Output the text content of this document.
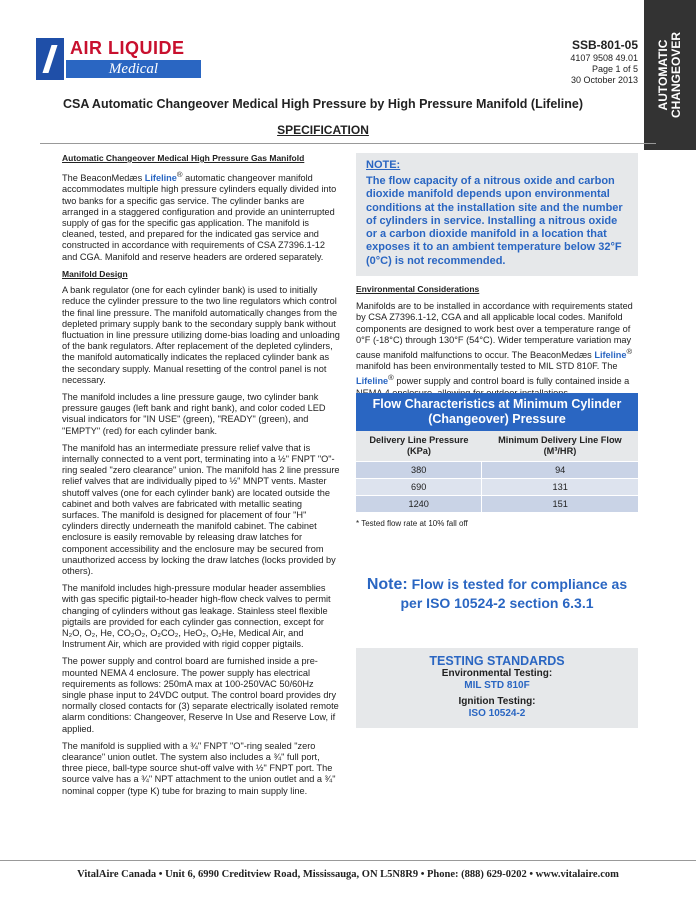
AIR LIQUIDE
Medical
SSB-801-05
4107 9508 49.01
Page 1 of 5
30 October 2013 AUTOMATIC CHANGEOVER
CSA Automatic Changeover Medical High Pressure by High Pressure Manifold (Lifeline)
SPECIFICATION
Automatic Changeover Medical High Pressure Gas Manifold

The BeaconMedæs Lifeline® automatic changeover manifold accommodates multiple high pressure cylinders equally divided into two banks for a specific gas service. The cylinder banks are arranged in a staggered configuration and provide an uninterrupted supply of gas for the specific gas application. The manifold is cleaned, tested, and prepared for the indicated gas service and constructed in accordance with requirements of CSA Z7396.1-12 and CGA. Manifold and reserve headers are ordered separately.

Manifold Design

A bank regulator (one for each cylinder bank) is used to initially reduce the cylinder pressure to the two line regulators which control the final line pressure. The manifold automatically changes from the depleted primary supply bank to the secondary supply bank without fluctuation in line pressure utilizing dome-bias loading and unloading of the bank regulators. After replacement of the depleted cylinders, the manifold automatically indicates the replaced cylinder bank as the secondary supply. Manual resetting of the control panel is not necessary.

The manifold includes a line pressure gauge, two cylinder bank pressure gauges (left bank and right bank), and color coded LED visual indicators for "IN USE" (green), "READY" (green), and "EMPTY" (red) for each cylinder bank.

The manifold has an intermediate pressure relief valve that is internally connected to a vent port, terminating into a ½" FNPT "O"-ring sealed "zero clearance" union. The manifold has 2 line pressure relief valves that are individually piped to ½" MNPT vents. Master shutoff valves (one for each cylinder bank) are located outside the cabinet and both valves are fabricated with metallic seating surfaces. The manifold is designed for placement of four "H" cylinders directly underneath the manifold cabinet. The cabinet enclosure is easily removable by releasing draw latches for component accessibility and the enclosure may be secured from unauthorized access by locking the draw latches (locks provided by others).

The manifold includes high-pressure modular header assemblies with gas specific pigtail-to-header high-flow check valves to permit changing of cylinders without gas leakage. Stainless steel flexible pigtails are provided for each cylinder gas connection, except for N₂O, O₂, He, CO₂O₂, O₂CO₂, HeO₂, O₂He, Medical Air, and Instrument Air, which are provided with rigid copper pigtails.

The power supply and control board are furnished inside a pre-mounted NEMA 4 enclosure. The power supply has electrical requirements as follows: 250mA max at 100-250VAC 50/60Hz single phase input to 24VDC output. The control board provides dry normally closed contacts for (3) separate electrically isolated remote alarm conditions: Changeover, Reserve In Use and Reserve Low, if applied.

The manifold is supplied with a ¾" FNPT "O"-ring sealed "zero clearance" union outlet. The system also includes a ¾" full port, three piece, ball-type source shut-off valve with ½" FNPT port. The source valve has a ¾" NPT attachment to the union outlet and a ¾" nominal copper (type K) tube for brazing to main supply line.

NOTE:
The flow capacity of a nitrous oxide and carbon dioxide manifold depends upon environmental conditions at the installation site and the number of cylinders in service. Installing a nitrous oxide or a carbon dioxide manifold in a location that exposes it to an ambient temperature below 32°F (0°C) is not recommended.
Environmental Considerations

Manifolds are to be installed in accordance with requirements stated by CSA Z7396.1-12, CGA and all applicable local codes. Manifold components are designed to work best over a temperature range of 0°F (-18°C) through 130°F (54°C). Wider temperature variation may cause manifold malfunctions to occur. The BeaconMedæs Lifeline® manifold has been environmentally tested to MIL STD 810F. The Lifeline® power supply and control board is fully contained inside a

Flow Characteristics at Minimum Cylinder (Changeover) Pressure
Delivery Line Pressure (KPa)	Minimum Delivery Line Flow (M³/HR)
380	94
690	131
1240	151
* Tested flow rate at 10% fall off
Note: Flow is tested for compliance as per ISO 10524-2 section 6.3.1
TESTING STANDARDS
Environmental Testing:
MIL STD 810F
Ignition Testing:
ISO 10524-2
VitalAire Canada • Unit 6, 6990 Creditview Road, Mississauga, ON L5N8R9 • Phone: (888) 629-0202 • www.vitalaire.com
